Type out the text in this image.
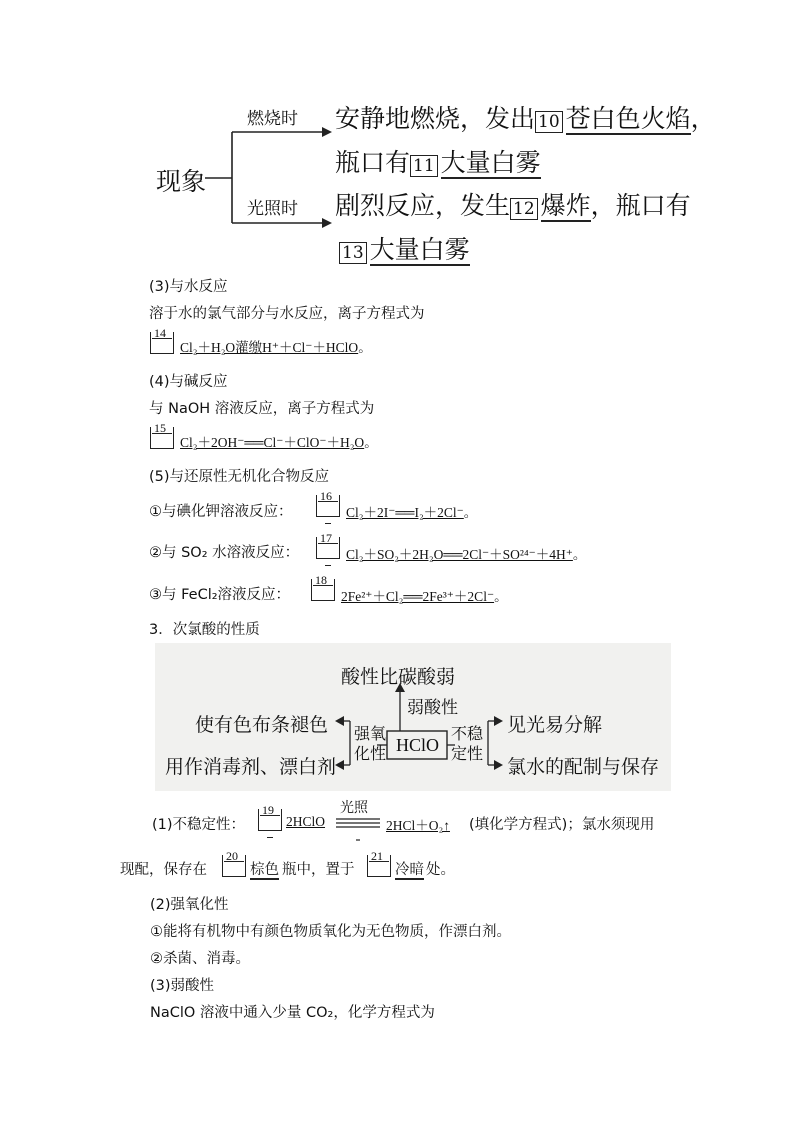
现象
燃烧时 安静地燃烧，发出 10 苍白色火焰，
瓶口有 11 大量白雾
光照时 剧烈反应，发生 12 爆炸，瓶口有
13 大量白雾
(3)与水反应
溶于水的氯气部分与水反应，离子方程式为
14
Cl₂＋H₂O灌缴H⁺＋Cl⁻＋HClO。
(4)与碱反应
与 NaOH 溶液反应，离子方程式为
15
Cl₂＋2OH⁻══Cl⁻＋ClO⁻＋H₂O。
(5)与还原性无机化合物反应
①与碘化钾溶液反应：
16
Cl₂＋2I⁻══I₂＋2Cl⁻。
②与 SO₂ 水溶液反应：
17
Cl₂＋SO₂＋2H₂O══2Cl⁻＋SO²⁴⁻＋4H⁺。
③与 FeCl₂溶液反应：
18
2Fe²⁺＋Cl₂══2Fe³⁺＋2Cl⁻。
3．次氯酸的性质
酸性比碳酸弱
弱酸性
HClO
使有色布条褪色
用作消毒剂、漂白剂
强氧
化性
不稳
定性
见光易分解
氯水的配制与保存
(1)不稳定性：
19
2HClO
光照
2HCl＋O₂↑ (填化学方程式)；氯水须现用
现配，保存在
20
棕色 瓶中，置于
21
冷暗 处。
(2)强氧化性
①能将有机物中有颜色物质氧化为无色物质，作漂白剂。
②杀菌、消毒。
(3)弱酸性
NaClO 溶液中通入少量 CO₂，化学方程式为
